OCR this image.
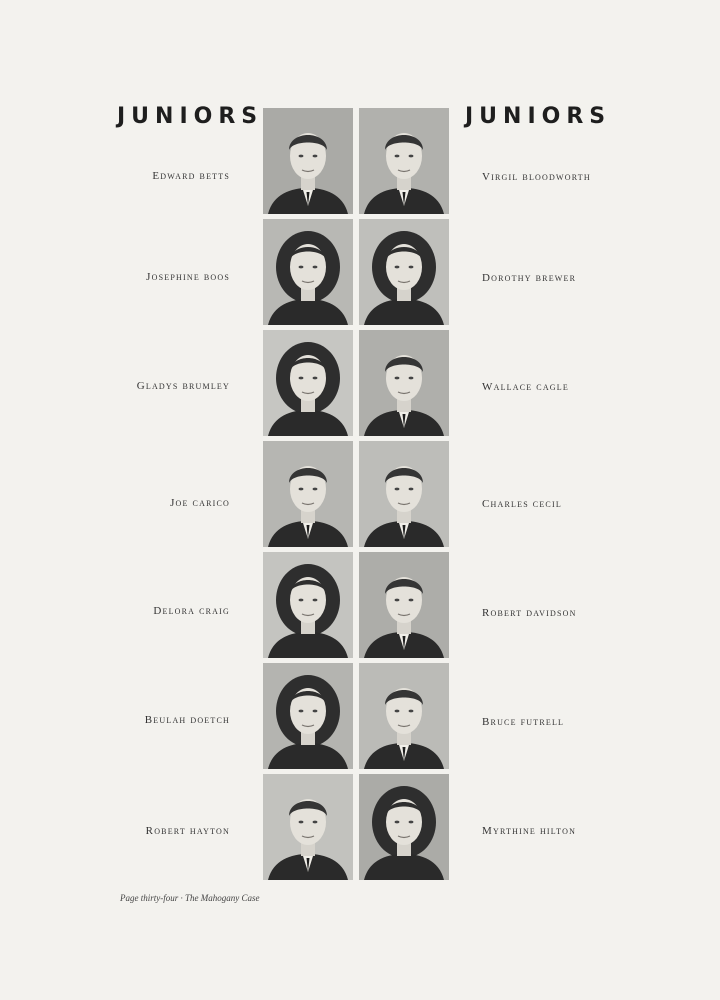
JUNIORS	JUNIORS
Edward betts
Josephine boos
Gladys brumley
Joe carico
Delora craig
Beulah doetch
Robert hayton
Virgil bloodworth
Dorothy brewer
Wallace cagle
Charles cecil
Robert davidson
Bruce futrell
Myrthine hilton
Page thirty-four · The Mahogany Case
